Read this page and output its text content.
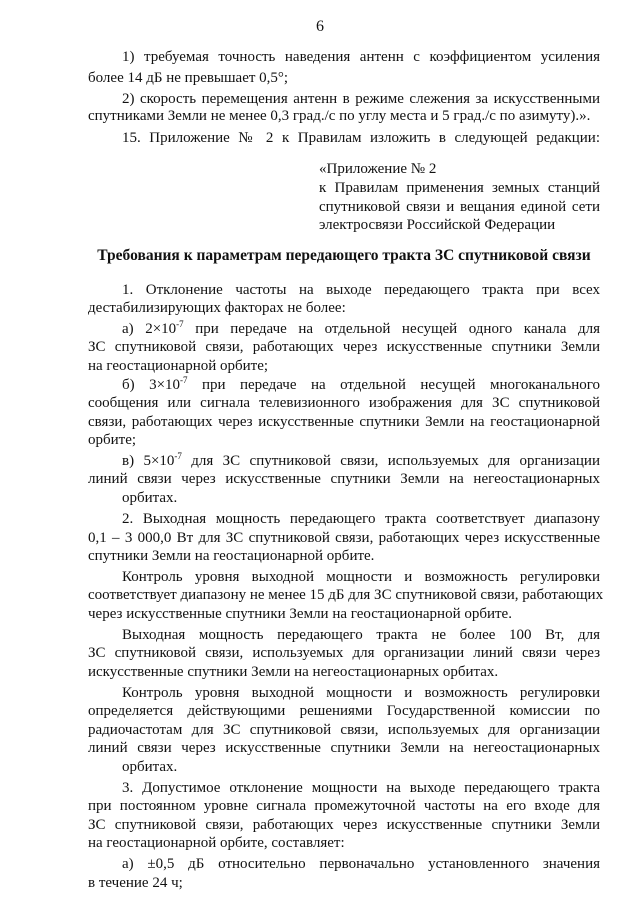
6
1) требуемая точность наведения антенн с коэффициентом усиления
более 14 дБ не превышает 0,5°;
2) скорость перемещения антенн в режиме слежения за искусственными
спутниками Земли не менее 0,3 град./с по углу места и 5 град./с по азимуту).».
15. Приложение № 2 к Правилам изложить в следующей редакции:
«Приложение № 2
к Правилам применения земных станций
спутниковой связи и вещания единой сети
электросвязи Российской Федерации
Требования к параметрам передающего тракта ЗС спутниковой связи
1. Отклонение частоты на выходе передающего тракта при всех
дестабилизирующих факторах не более:
а) $2\times 10^{-7}$ при передаче на отдельной несущей одного канала для
ЗС спутниковой связи, работающих через искусственные спутники Земли
на геостационарной орбите;
б) $3\times 10^{-7}$ при передаче на отдельной несущей многоканального
сообщения или сигнала телевизионного изображения для ЗС спутниковой
связи, работающих через искусственные спутники Земли на геостационарной
орбите;
в) $5\times 10^{-7}$ для ЗС спутниковой связи, используемых для организации
линий связи через искусственные спутники Земли на негеостационарных
орбитах.
2. Выходная мощность передающего тракта соответствует диапазону
0,1 – 3 000,0 Вт для ЗС спутниковой связи, работающих через искусственные
спутники Земли на геостационарной орбите.
Контроль уровня выходной мощности и возможность регулировки
соответствует диапазону не менее 15 дБ для ЗС спутниковой связи, работающих
через искусственные спутники Земли на геостационарной орбите.
Выходная мощность передающего тракта не более 100 Вт, для
ЗС спутниковой связи, используемых для организации линий связи через
искусственные спутники Земли на негеостационарных орбитах.
Контроль уровня выходной мощности и возможность регулировки
определяется действующими решениями Государственной комиссии по
радиочастотам для ЗС спутниковой связи, используемых для организации
линий связи через искусственные спутники Земли на негеостационарных
орбитах.
3. Допустимое отклонение мощности на выходе передающего тракта
при постоянном уровне сигнала промежуточной частоты на его входе для
ЗС спутниковой связи, работающих через искусственные спутники Земли
на геостационарной орбите, составляет:
а) ±0,5 дБ относительно первоначально установленного значения
в течение 24 ч;
